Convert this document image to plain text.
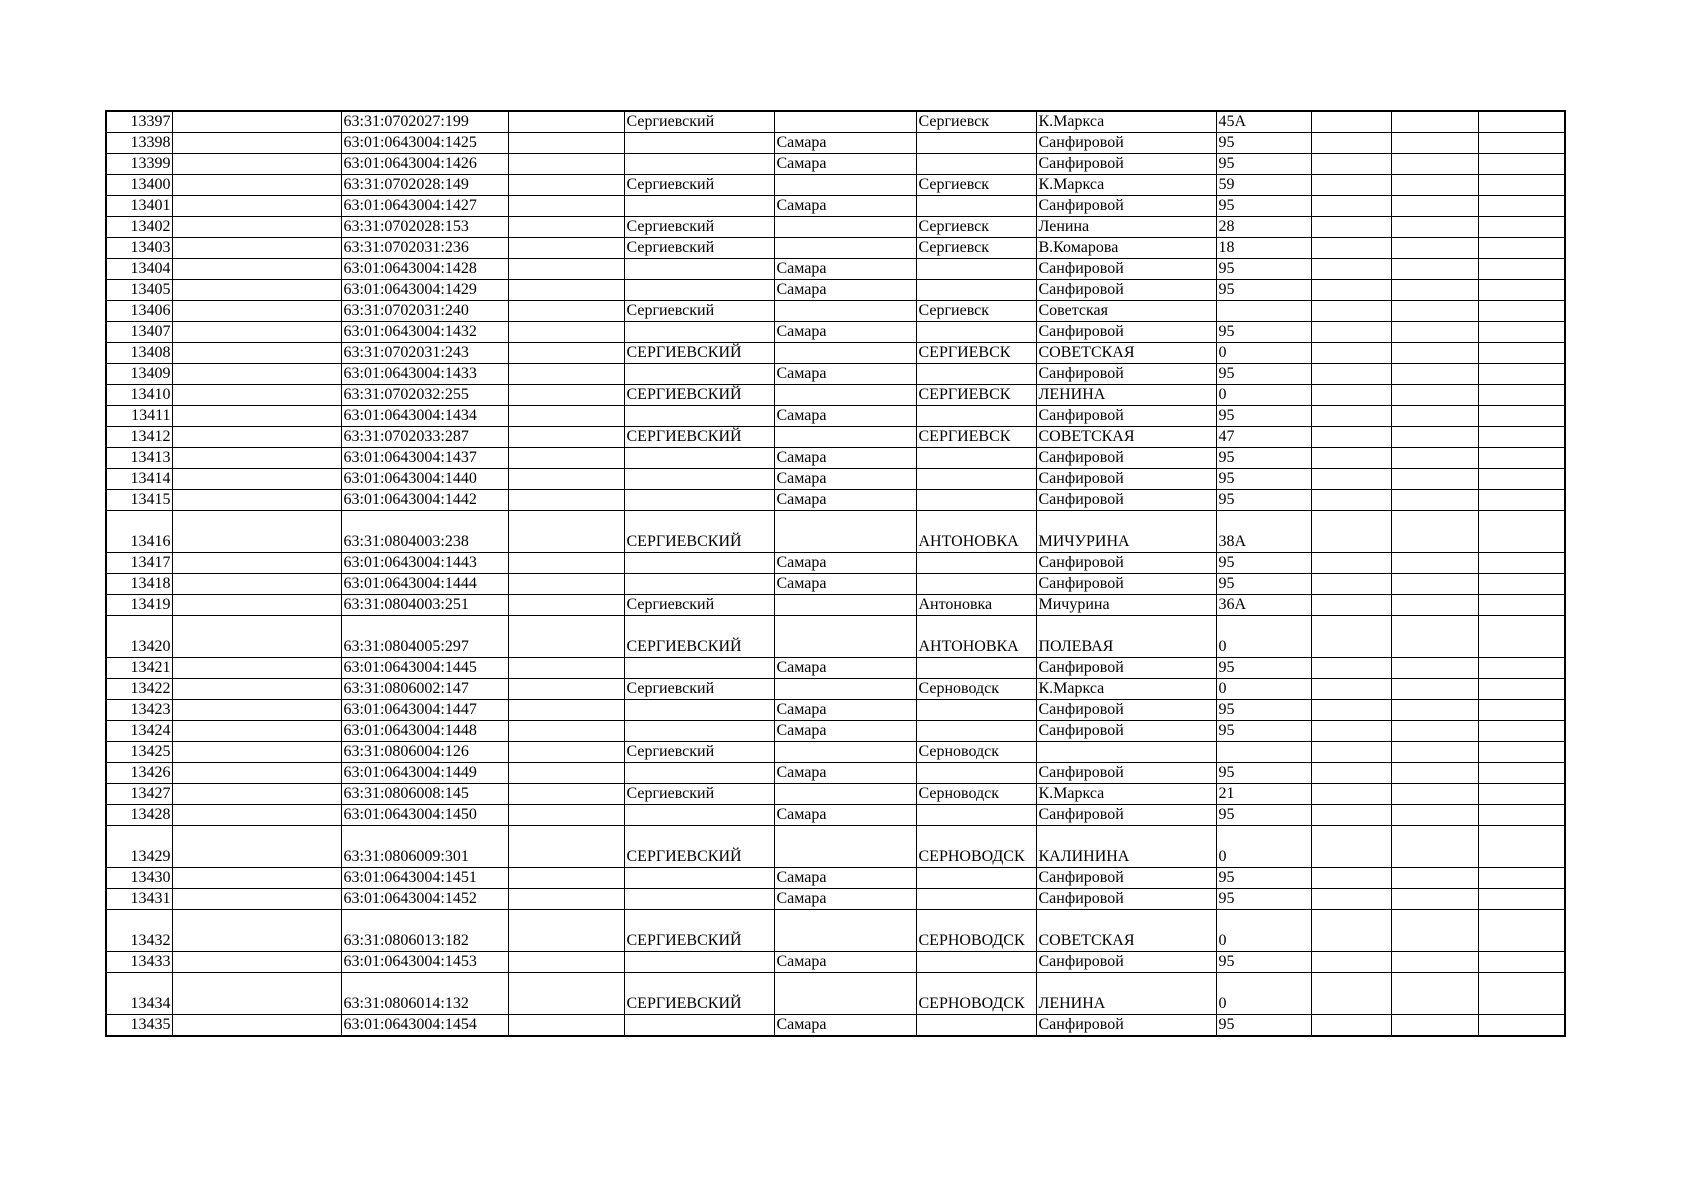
13397		63:31:0702027:199		Сергиевский		Сергиевск	К.Маркса	45А			
13398		63:01:0643004:1425			Самара		Санфировой	95			
13399		63:01:0643004:1426			Самара		Санфировой	95			
13400		63:31:0702028:149		Сергиевский		Сергиевск	К.Маркса	59			
13401		63:01:0643004:1427			Самара		Санфировой	95			
13402		63:31:0702028:153		Сергиевский		Сергиевск	Ленина	28			
13403		63:31:0702031:236		Сергиевский		Сергиевск	В.Комарова	18			
13404		63:01:0643004:1428			Самара		Санфировой	95			
13405		63:01:0643004:1429			Самара		Санфировой	95			
13406		63:31:0702031:240		Сергиевский		Сергиевск	Советская				
13407		63:01:0643004:1432			Самара		Санфировой	95			
13408		63:31:0702031:243		СЕРГИЕВСКИЙ		СЕРГИЕВСК	СОВЕТСКАЯ	0			
13409		63:01:0643004:1433			Самара		Санфировой	95			
13410		63:31:0702032:255		СЕРГИЕВСКИЙ		СЕРГИЕВСК	ЛЕНИНА	0			
13411		63:01:0643004:1434			Самара		Санфировой	95			
13412		63:31:0702033:287		СЕРГИЕВСКИЙ		СЕРГИЕВСК	СОВЕТСКАЯ	47			
13413		63:01:0643004:1437			Самара		Санфировой	95			
13414		63:01:0643004:1440			Самара		Санфировой	95			
13415		63:01:0643004:1442			Самара		Санфировой	95			
13416		63:31:0804003:238		СЕРГИЕВСКИЙ		АНТОНОВКА	МИЧУРИНА	38А			
13417		63:01:0643004:1443			Самара		Санфировой	95			
13418		63:01:0643004:1444			Самара		Санфировой	95			
13419		63:31:0804003:251		Сергиевский		Антоновка	Мичурина	36А			
13420		63:31:0804005:297		СЕРГИЕВСКИЙ		АНТОНОВКА	ПОЛЕВАЯ	0			
13421		63:01:0643004:1445			Самара		Санфировой	95			
13422		63:31:0806002:147		Сергиевский		Серноводск	К.Маркса	0			
13423		63:01:0643004:1447			Самара		Санфировой	95			
13424		63:01:0643004:1448			Самара		Санфировой	95			
13425		63:31:0806004:126		Сергиевский		Серноводск					
13426		63:01:0643004:1449			Самара		Санфировой	95			
13427		63:31:0806008:145		Сергиевский		Серноводск	К.Маркса	21			
13428		63:01:0643004:1450			Самара		Санфировой	95			
13429		63:31:0806009:301		СЕРГИЕВСКИЙ		СЕРНОВОДСК	КАЛИНИНА	0			
13430		63:01:0643004:1451			Самара		Санфировой	95			
13431		63:01:0643004:1452			Самара		Санфировой	95			
13432		63:31:0806013:182		СЕРГИЕВСКИЙ		СЕРНОВОДСК	СОВЕТСКАЯ	0			
13433		63:01:0643004:1453			Самара		Санфировой	95			
13434		63:31:0806014:132		СЕРГИЕВСКИЙ		СЕРНОВОДСК	ЛЕНИНА	0			
13435		63:01:0643004:1454			Самара		Санфировой	95			
